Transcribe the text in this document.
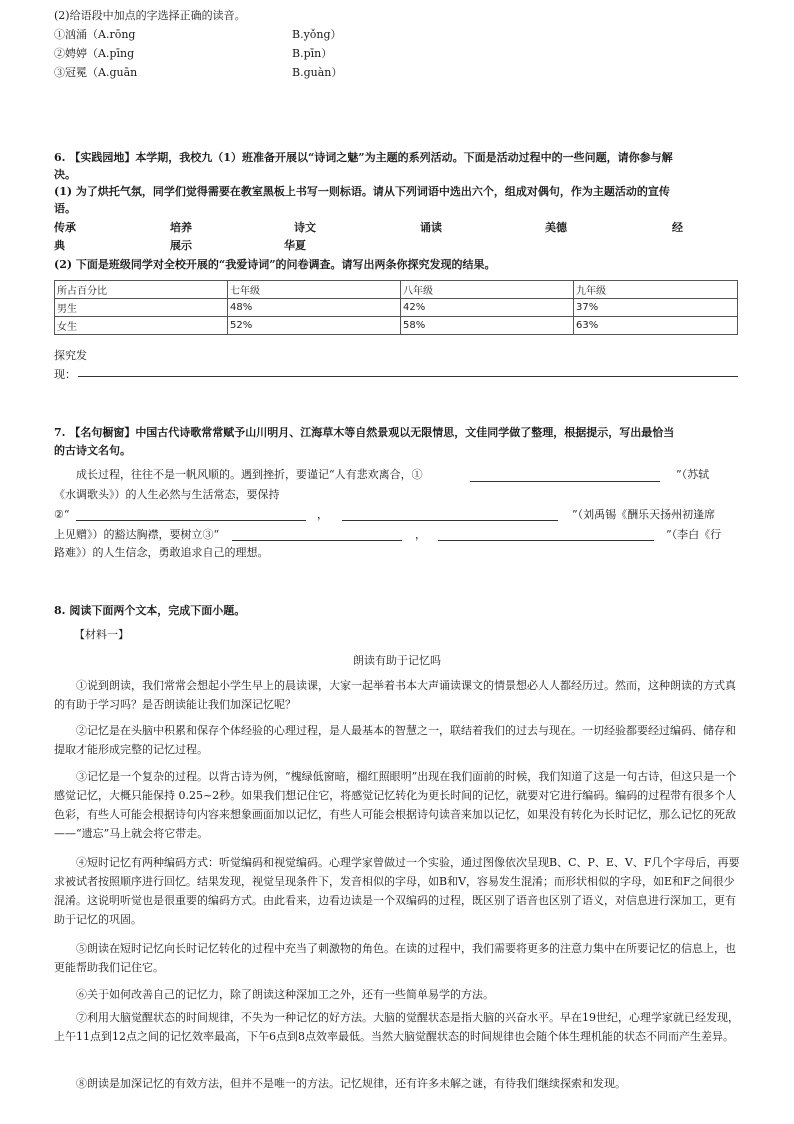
(2)给语段中加点的字选择正确的读音。
①汹涌（A.rōng	B.yǒng）
②娉婷（A.pīng	B.pīn）
③冠冕（A.guān	B.guàn）
6. 【实践园地】本学期，我校九（1）班准备开展以“诗词之魅”为主题的系列活动。下面是活动过程中的一些问题，请你参与解
决。
(1) 为了烘托气氛，同学们觉得需要在教室黑板上书写一则标语。请从下列词语中选出六个，组成对偶句，作为主题活动的宣传
语。
传承	培养	诗文	诵读	美德	经
典	展示	华夏
(2) 下面是班级同学对全校开展的“我爱诗词”的问卷调查。请写出两条你探究发现的结果。
所占百分比	七年级	八年级	九年级
男生	48%	42%	37%
女生	52%	58%	63%
探究发
现：
7. 【名句橱窗】中国古代诗歌常常赋予山川明月、江海草木等自然景观以无限情思，文佳同学做了整理，根据提示，写出最恰当
的古诗文名句。
成长过程，往往不是一帆风顺的。遇到挫折，要谨记“人有悲欢离合，①	”（苏轼
《水调歌头》）的人生必然与生活常态，要保持
②“	，	”（刘禹锡《酬乐天扬州初逢席
上见赠》）的豁达胸襟，要树立③“	，	”（李白《行
路难》）的人生信念，勇敢追求自己的理想。
8. 阅读下面两个文本，完成下面小题。
【材料一】
朗读有助于记忆吗
①说到朗读，我们常常会想起小学生早上的晨读课，大家一起举着书本大声诵读课文的情景想必人人都经历过。然而，这种朗读的方式真的有助于学习吗？是否朗读能让我们加深记忆呢？
②记忆是在头脑中积累和保存个体经验的心理过程，是人最基本的智慧之一，联结着我们的过去与现在。一切经验都要经过编码、储存和提取才能形成完整的记忆过程。
③记忆是一个复杂的过程。以背古诗为例，“槐绿低窗暗，榴红照眼明”出现在我们面前的时候，我们知道了这是一句古诗，但这只是一个感觉记忆，大概只能保持 0.25~2秒。如果我们想记住它，将感觉记忆转化为更长时间的记忆，就要对它进行编码。编码的过程带有很多个人色彩，有些人可能会根据诗句内容来想象画面加以记忆，有些人可能会根据诗句读音来加以记忆，如果没有转化为长时记忆，那么记忆的死敌——“遗忘”马上就会将它带走。
④短时记忆有两种编码方式：听觉编码和视觉编码。心理学家曾做过一个实验，通过图像依次呈现B、C、P、E、V、F几个字母后，再要求被试者按照顺序进行回忆。结果发现，视觉呈现条件下，发音相似的字母，如B和V，容易发生混淆；而形状相似的字母，如E和F之间很少混淆。这说明听觉也是很重要的编码方式。由此看来，边看边读是一个双编码的过程，既区别了语音也区别了语义，对信息进行深加工，更有助于记忆的巩固。
⑤朗读在短时记忆向长时记忆转化的过程中充当了刺激物的角色。在读的过程中，我们需要将更多的注意力集中在所要记忆的信息上，也更能帮助我们记住它。
⑥关于如何改善自己的记忆力，除了朗读这种深加工之外，还有一些简单易学的方法。
⑦利用大脑觉醒状态的时间规律，不失为一种记忆的好方法。大脑的觉醒状态是指大脑的兴奋水平。早在19世纪，心理学家就已经发现，上午11点到12点之间的记忆效率最高，下午6点到8点效率最低。当然大脑觉醒状态的时间规律也会随个体生理机能的状态不同而产生差异。
⑧朗读是加深记忆的有效方法，但并不是唯一的方法。记忆规律，还有许多未解之谜，有待我们继续探索和发现。
